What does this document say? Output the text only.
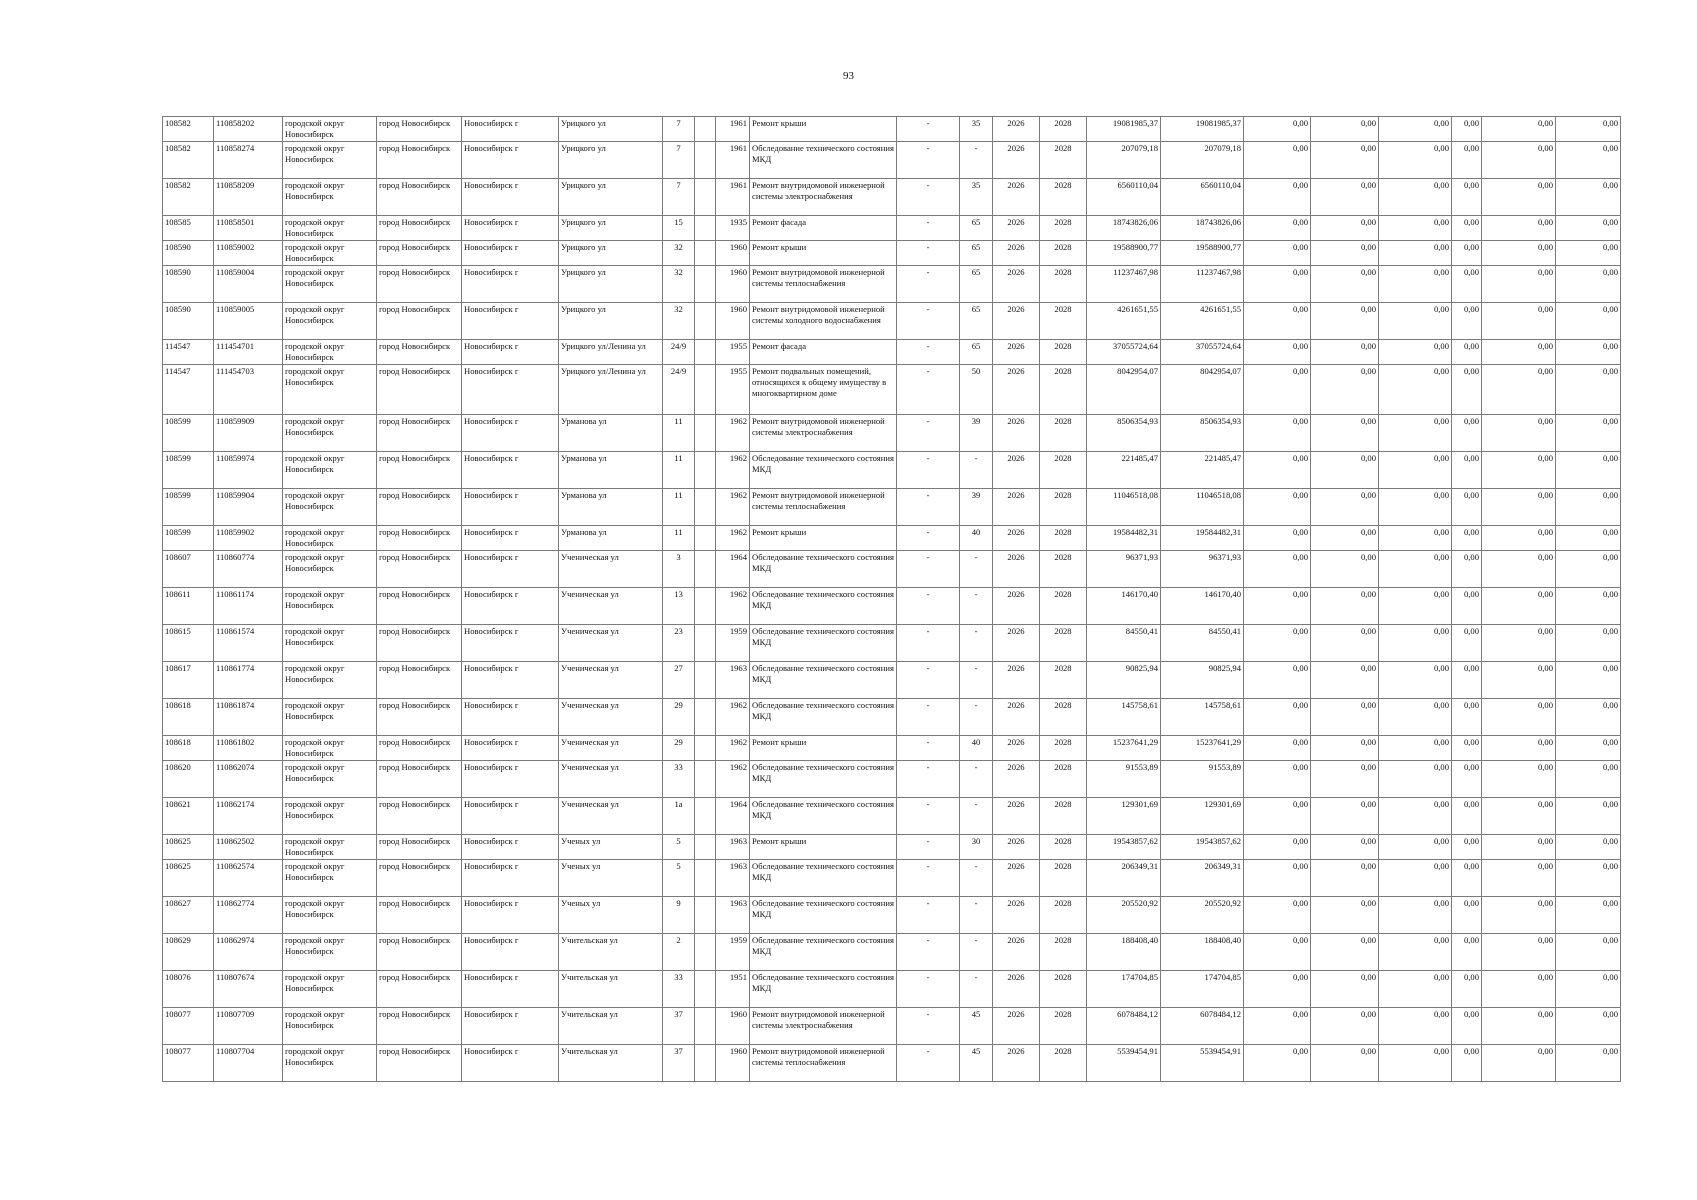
93
108582	110858202	городской округ Новосибирск	город Новосибирск	Новосибирск г	Урицкого ул	7		1961	Ремонт крыши	-	35	2026	2028	19081985,37	19081985,37	0,00	0,00	0,00	0,00	0,00	0,00
108582	110858274	городской округ Новосибирск	город Новосибирск	Новосибирск г	Урицкого ул	7		1961	Обследование технического состояния МКД	-	-	2026	2028	207079,18	207079,18	0,00	0,00	0,00	0,00	0,00	0,00
108582	110858209	городской округ Новосибирск	город Новосибирск	Новосибирск г	Урицкого ул	7		1961	Ремонт внутридомовой инженерной системы электроснабжения	-	35	2026	2028	6560110,04	6560110,04	0,00	0,00	0,00	0,00	0,00	0,00
108585	110858501	городской округ Новосибирск	город Новосибирск	Новосибирск г	Урицкого ул	15		1935	Ремонт фасада	-	65	2026	2028	18743826,06	18743826,06	0,00	0,00	0,00	0,00	0,00	0,00
108590	110859002	городской округ Новосибирск	город Новосибирск	Новосибирск г	Урицкого ул	32		1960	Ремонт крыши	-	65	2026	2028	19588900,77	19588900,77	0,00	0,00	0,00	0,00	0,00	0,00
108590	110859004	городской округ Новосибирск	город Новосибирск	Новосибирск г	Урицкого ул	32		1960	Ремонт внутридомовой инженерной системы теплоснабжения	-	65	2026	2028	11237467,98	11237467,98	0,00	0,00	0,00	0,00	0,00	0,00
108590	110859005	городской округ Новосибирск	город Новосибирск	Новосибирск г	Урицкого ул	32		1960	Ремонт внутридомовой инженерной системы холодного водоснабжения	-	65	2026	2028	4261651,55	4261651,55	0,00	0,00	0,00	0,00	0,00	0,00
114547	111454701	городской округ Новосибирск	город Новосибирск	Новосибирск г	Урицкого ул/Ленина ул	24/9		1955	Ремонт фасада	-	65	2026	2028	37055724,64	37055724,64	0,00	0,00	0,00	0,00	0,00	0,00
114547	111454703	городской округ Новосибирск	город Новосибирск	Новосибирск г	Урицкого ул/Ленина ул	24/9		1955	Ремонт подвальных помещений, относящихся к общему имуществу в многоквартирном доме	-	50	2026	2028	8042954,07	8042954,07	0,00	0,00	0,00	0,00	0,00	0,00
108599	110859909	городской округ Новосибирск	город Новосибирск	Новосибирск г	Урманова ул	11		1962	Ремонт внутридомовой инженерной системы электроснабжения	-	39	2026	2028	8506354,93	8506354,93	0,00	0,00	0,00	0,00	0,00	0,00
108599	110859974	городской округ Новосибирск	город Новосибирск	Новосибирск г	Урманова ул	11		1962	Обследование технического состояния МКД	-	-	2026	2028	221485,47	221485,47	0,00	0,00	0,00	0,00	0,00	0,00
108599	110859904	городской округ Новосибирск	город Новосибирск	Новосибирск г	Урманова ул	11		1962	Ремонт внутридомовой инженерной системы теплоснабжения	-	39	2026	2028	11046518,08	11046518,08	0,00	0,00	0,00	0,00	0,00	0,00
108599	110859902	городской округ Новосибирск	город Новосибирск	Новосибирск г	Урманова ул	11		1962	Ремонт крыши	-	40	2026	2028	19584482,31	19584482,31	0,00	0,00	0,00	0,00	0,00	0,00
108607	110860774	городской округ Новосибирск	город Новосибирск	Новосибирск г	Ученическая ул	3		1964	Обследование технического состояния МКД	-	-	2026	2028	96371,93	96371,93	0,00	0,00	0,00	0,00	0,00	0,00
108611	110861174	городской округ Новосибирск	город Новосибирск	Новосибирск г	Ученическая ул	13		1962	Обследование технического состояния МКД	-	-	2026	2028	146170,40	146170,40	0,00	0,00	0,00	0,00	0,00	0,00
108615	110861574	городской округ Новосибирск	город Новосибирск	Новосибирск г	Ученическая ул	23		1959	Обследование технического состояния МКД	-	-	2026	2028	84550,41	84550,41	0,00	0,00	0,00	0,00	0,00	0,00
108617	110861774	городской округ Новосибирск	город Новосибирск	Новосибирск г	Ученическая ул	27		1963	Обследование технического состояния МКД	-	-	2026	2028	90825,94	90825,94	0,00	0,00	0,00	0,00	0,00	0,00
108618	110861874	городской округ Новосибирск	город Новосибирск	Новосибирск г	Ученическая ул	29		1962	Обследование технического состояния МКД	-	-	2026	2028	145758,61	145758,61	0,00	0,00	0,00	0,00	0,00	0,00
108618	110861802	городской округ Новосибирск	город Новосибирск	Новосибирск г	Ученическая ул	29		1962	Ремонт крыши	-	40	2026	2028	15237641,29	15237641,29	0,00	0,00	0,00	0,00	0,00	0,00
108620	110862074	городской округ Новосибирск	город Новосибирск	Новосибирск г	Ученическая ул	33		1962	Обследование технического состояния МКД	-	-	2026	2028	91553,89	91553,89	0,00	0,00	0,00	0,00	0,00	0,00
108621	110862174	городской округ Новосибирск	город Новосибирск	Новосибирск г	Ученическая ул	1а		1964	Обследование технического состояния МКД	-	-	2026	2028	129301,69	129301,69	0,00	0,00	0,00	0,00	0,00	0,00
108625	110862502	городской округ Новосибирск	город Новосибирск	Новосибирск г	Ученых ул	5		1963	Ремонт крыши	-	30	2026	2028	19543857,62	19543857,62	0,00	0,00	0,00	0,00	0,00	0,00
108625	110862574	городской округ Новосибирск	город Новосибирск	Новосибирск г	Ученых ул	5		1963	Обследование технического состояния МКД	-	-	2026	2028	206349,31	206349,31	0,00	0,00	0,00	0,00	0,00	0,00
108627	110862774	городской округ Новосибирск	город Новосибирск	Новосибирск г	Ученых ул	9		1963	Обследование технического состояния МКД	-	-	2026	2028	205520,92	205520,92	0,00	0,00	0,00	0,00	0,00	0,00
108629	110862974	городской округ Новосибирск	город Новосибирск	Новосибирск г	Учительская ул	2		1959	Обследование технического состояния МКД	-	-	2026	2028	188408,40	188408,40	0,00	0,00	0,00	0,00	0,00	0,00
108076	110807674	городской округ Новосибирск	город Новосибирск	Новосибирск г	Учительская ул	33		1951	Обследование технического состояния МКД	-	-	2026	2028	174704,85	174704,85	0,00	0,00	0,00	0,00	0,00	0,00
108077	110807709	городской округ Новосибирск	город Новосибирск	Новосибирск г	Учительская ул	37		1960	Ремонт внутридомовой инженерной системы электроснабжения	-	45	2026	2028	6078484,12	6078484,12	0,00	0,00	0,00	0,00	0,00	0,00
108077	110807704	городской округ Новосибирск	город Новосибирск	Новосибирск г	Учительская ул	37		1960	Ремонт внутридомовой инженерной системы теплоснабжения	-	45	2026	2028	5539454,91	5539454,91	0,00	0,00	0,00	0,00	0,00	0,00
